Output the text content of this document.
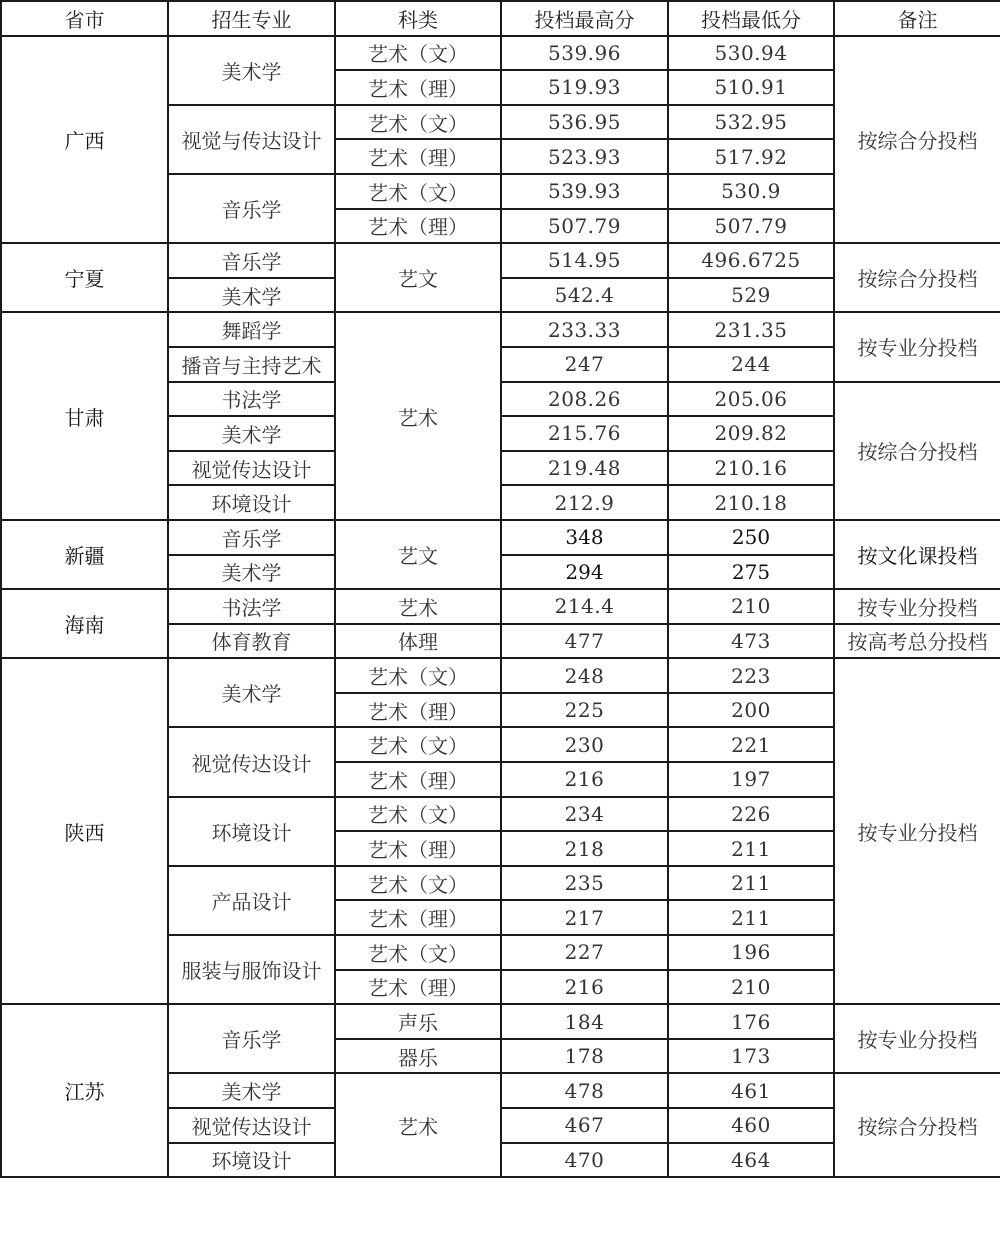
省市	招生专业	科类	投档最高分	投档最低分	备注
广西	美术学	艺术（文）	539.96	530.94	按综合分投档
		艺术（理）	519.93	510.91	
	视觉与传达设计	艺术（文）	536.95	532.95	
		艺术（理）	523.93	517.92	
	音乐学	艺术（文）	539.93	530.9	
		艺术（理）	507.79	507.79	
宁夏	音乐学	艺文	514.95	496.6725	按综合分投档
	美术学		542.4	529	
甘肃	舞蹈学	艺术	233.33	231.35	按专业分投档
	播音与主持艺术		247	244	
	书法学		208.26	205.06	按综合分投档
	美术学		215.76	209.82	
	视觉传达设计		219.48	210.16	
	环境设计		212.9	210.18	
新疆	音乐学	艺文	348	250	按文化课投档
	美术学		294	275	
海南	书法学	艺术	214.4	210	按专业分投档
	体育教育	体理	477	473	按高考总分投档
陕西	美术学	艺术（文）	248	223	按专业分投档
		艺术（理）	225	200	
	视觉传达设计	艺术（文）	230	221	
		艺术（理）	216	197	
	环境设计	艺术（文）	234	226	
		艺术（理）	218	211	
	产品设计	艺术（文）	235	211	
		艺术（理）	217	211	
	服装与服饰设计	艺术（文）	227	196	
		艺术（理）	216	210	
江苏	音乐学	声乐	184	176	按专业分投档
		器乐	178	173	
	美术学	艺术	478	461	按综合分投档
	视觉传达设计		467	460	
	环境设计		470	464	
